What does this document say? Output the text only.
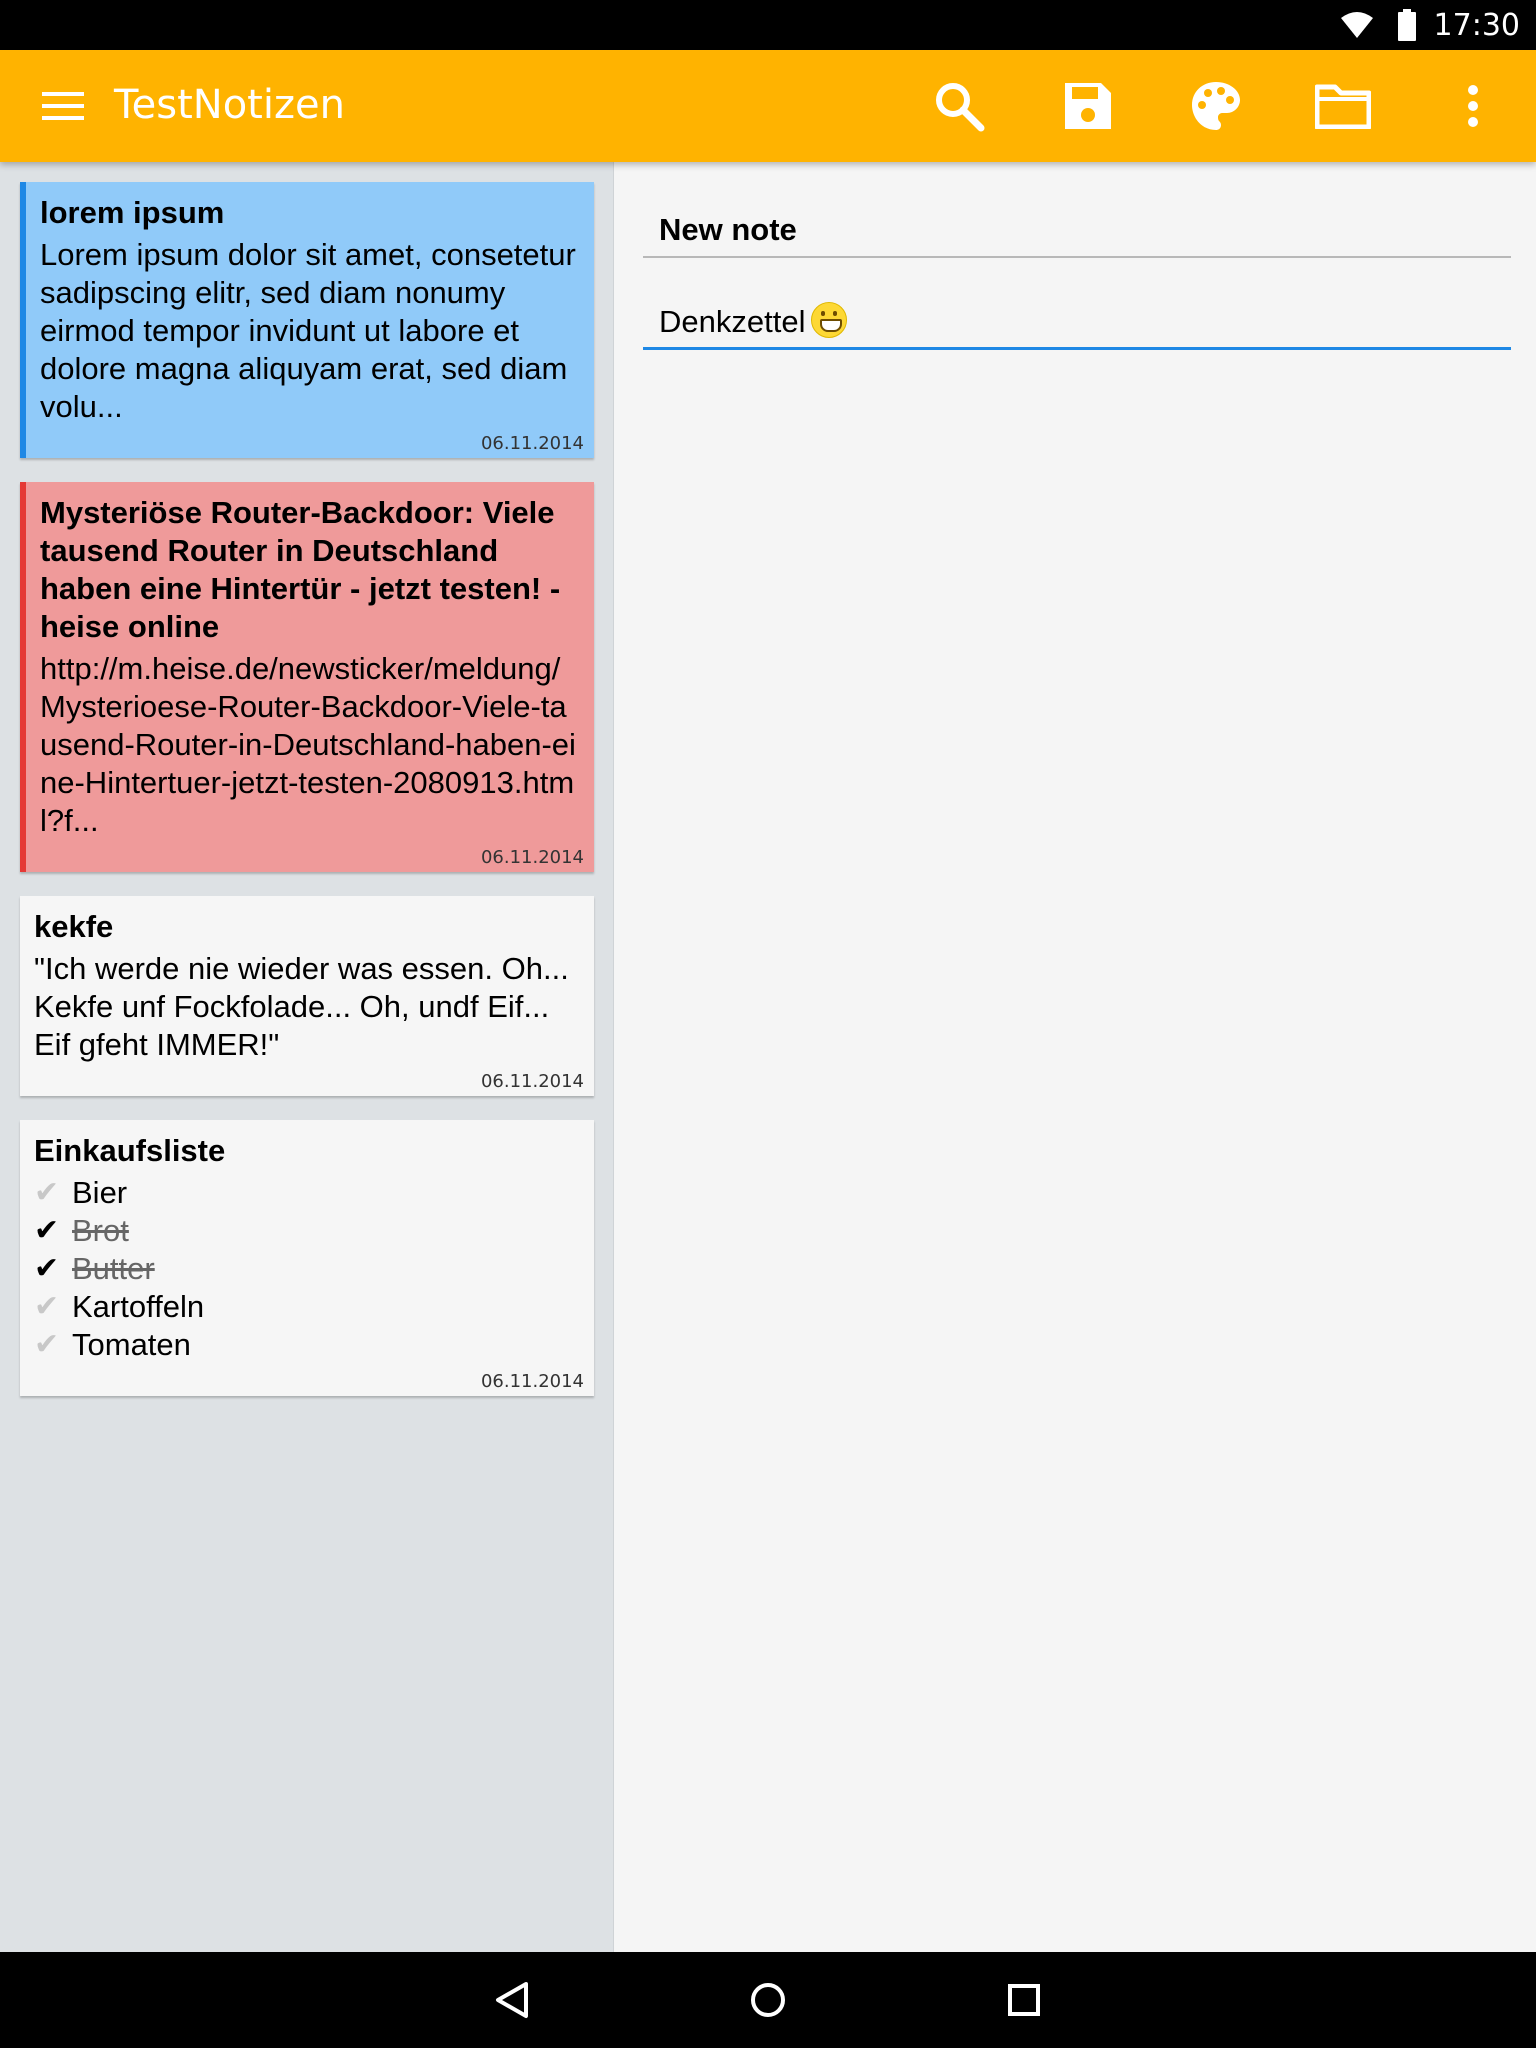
17:30
TestNotizen
lorem ipsum
Lorem ipsum dolor sit amet, consetetur sadipscing elitr, sed diam nonumy eirmod tempor invidunt ut labore et dolore magna aliquyam erat, sed diam volu...
06.11.2014
Mysteriöse Router-Backdoor: Viele tausend Router in Deutschland haben eine Hintertür - jetzt testen! - heise online
http://m.heise.de/newsticker/meldung/Mysterioese-Router-Backdoor-Viele-tausend-Router-in-Deutschland-haben-eine-Hintertuer-jetzt-testen-2080913.html?f...
06.11.2014
kekfe
"Ich werde nie wieder was essen. Oh... Kekfe unf Fockfolade... Oh, undf Eif... Eif gfeht IMMER!"
06.11.2014
Einkaufsliste
✔ Bier
✔ Brot
✔ Butter
✔ Kartoffeln
✔ Tomaten
06.11.2014
New note
Denkzettel
